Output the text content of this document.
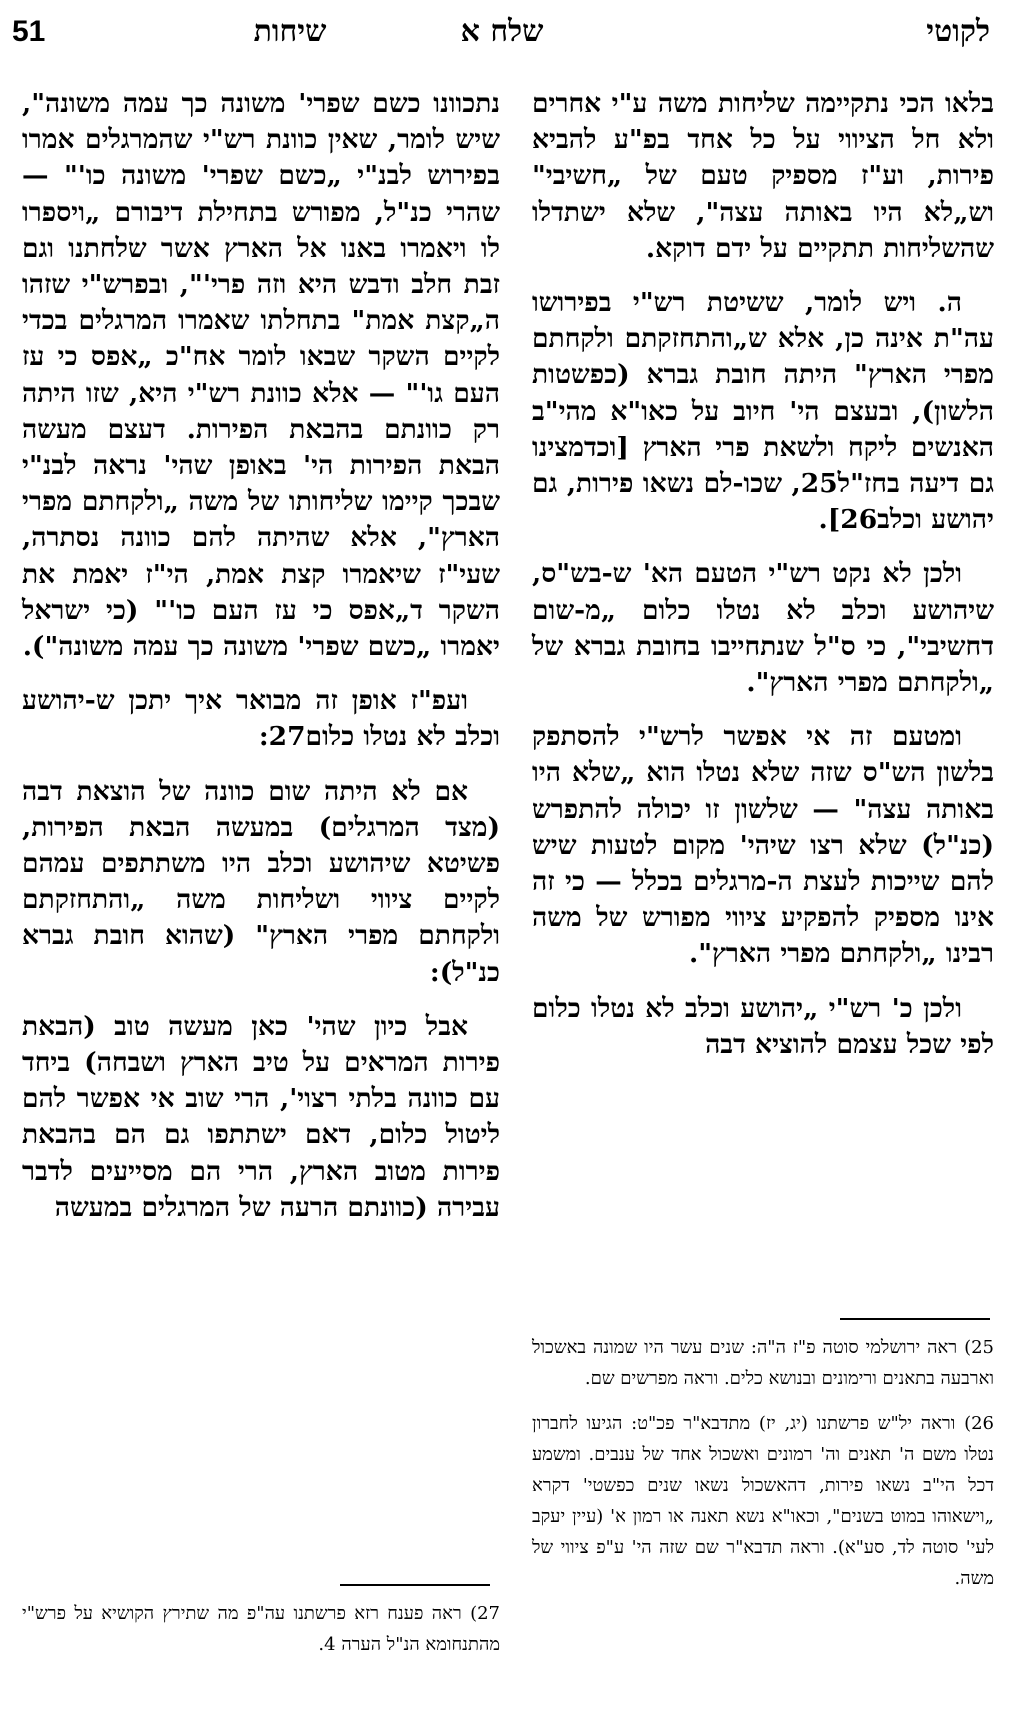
51	שיחות	שלח א	לקוטי

בלאו הכי נתקיימה שליחות משה ע"י אחרים ולא חל הציווי על כל אחד בפ"ע להביא פירות, וע"ז מספיק טעם של „חשיבי" וש„לא היו באותה עצה", שלא ישתדלו שהשליחות תתקיים על ידם דוקא.

ה. ויש לומר, ששיטת רש"י בפירושו עה"ת אינה כן, אלא ש„והתחזקתם ולקחתם מפרי הארץ" היתה חובת גברא (כפשטות הלשון), ובעצם הי' חיוב על כאו"א מהי"ב האנשים ליקח ולשאת פרי הארץ [וכדמצינו גם דיעה בחז"ל25, שכו-לם נשאו פירות, גם יהושע וכלב26].

ולכן לא נקט רש"י הטעם הא' ש-בש"ס, שיהושע וכלב לא נטלו כלום „מ-שום דחשיבי", כי ס"ל שנתחייבו בחובת גברא של „ולקחתם מפרי הארץ".

ומטעם זה אי אפשר לרש"י להסתפק בלשון הש"ס שזה שלא נטלו הוא „שלא היו באותה עצה" — שלשון זו יכולה להתפרש (כנ"ל) שלא רצו שיהי' מקום לטעות שיש להם שייכות לעצת ה-מרגלים בכלל — כי זה אינו מספיק להפקיע ציווי מפורש של משה רבינו „ולקחתם מפרי הארץ".

ולכן כ' רש"י „יהושע וכלב לא נטלו כלום לפי שכל עצמם להוציא דבה

נתכוונו כשם שפרי' משונה כך עמה משונה", שיש לומר, שאין כוונת רש"י שהמרגלים אמרו בפירוש לבנ"י „כשם שפרי' משונה כו'" — שהרי כנ"ל, מפורש בתחילת דיבורם „ויספרו לו ויאמרו באנו אל הארץ אשר שלחתנו וגם זבת חלב ודבש היא וזה פרי'", ובפרש"י שזהו ה„קצת אמת" בתחלתו שאמרו המרגלים בכדי לקיים השקר שבאו לומר אח"כ „אפס כי עז העם גו'" — אלא כוונת רש"י היא, שזו היתה רק כוונתם בהבאת הפירות. דעצם מעשה הבאת הפירות הי' באופן שהי' נראה לבנ"י שבכך קיימו שליחותו של משה „ולקחתם מפרי הארץ", אלא שהיתה להם כוונה נסתרה, שעי"ז שיאמרו קצת אמת, הי"ז יאמת את השקר ד„אפס כי עז העם כו'" (כי ישראל יאמרו „כשם שפרי' משונה כך עמה משונה").

ועפ"ז אופן זה מבואר איך יתכן ש-יהושע וכלב לא נטלו כלום27:

אם לא היתה שום כוונה של הוצאת דבה (מצד המרגלים) במעשה הבאת הפירות, פשיטא שיהושע וכלב היו משתתפים עמהם לקיים ציווי ושליחות משה „והתחזקתם ולקחתם מפרי הארץ" (שהוא חובת גברא כנ"ל):

אבל כיון שהי' כאן מעשה טוב (הבאת פירות המראים על טיב הארץ ושבחה) ביחד עם כוונה בלתי רצוי', הרי שוב אי אפשר להם ליטול כלום, דאם ישתתפו גם הם בהבאת פירות מטוב הארץ, הרי הם מסייעים לדבר עבירה (כוונתם הרעה של המרגלים במעשה

25) ראה ירושלמי סוטה פ"ז ה"ה: שנים עשר היו שמונה באשכול וארבעה בתאנים ורימונים ובנושא כלים. וראה מפרשים שם.

26) וראה יל"ש פרשתנו (יג, יז) מתדבא"ר פכ"ט: הגיעו לחברון נטלו משם ה' תאנים וה' רמונים ואשכול אחד של ענבים. ומשמע דכל הי"ב נשאו פירות, דהאשכול נשאו שנים כפשטי' דקרא „וישאוהו במוט בשנים", וכאו"א נשא תאנה או רמון א' (עיין יעקב לעי' סוטה לד, סע"א). וראה תדבא"ר שם שזה הי' ע"פ ציווי של משה.

27) ראה פענח רזא פרשתנו עה"פ מה שתירץ הקושיא על פרש"י מהתנחומא הנ"ל הערה 4.
